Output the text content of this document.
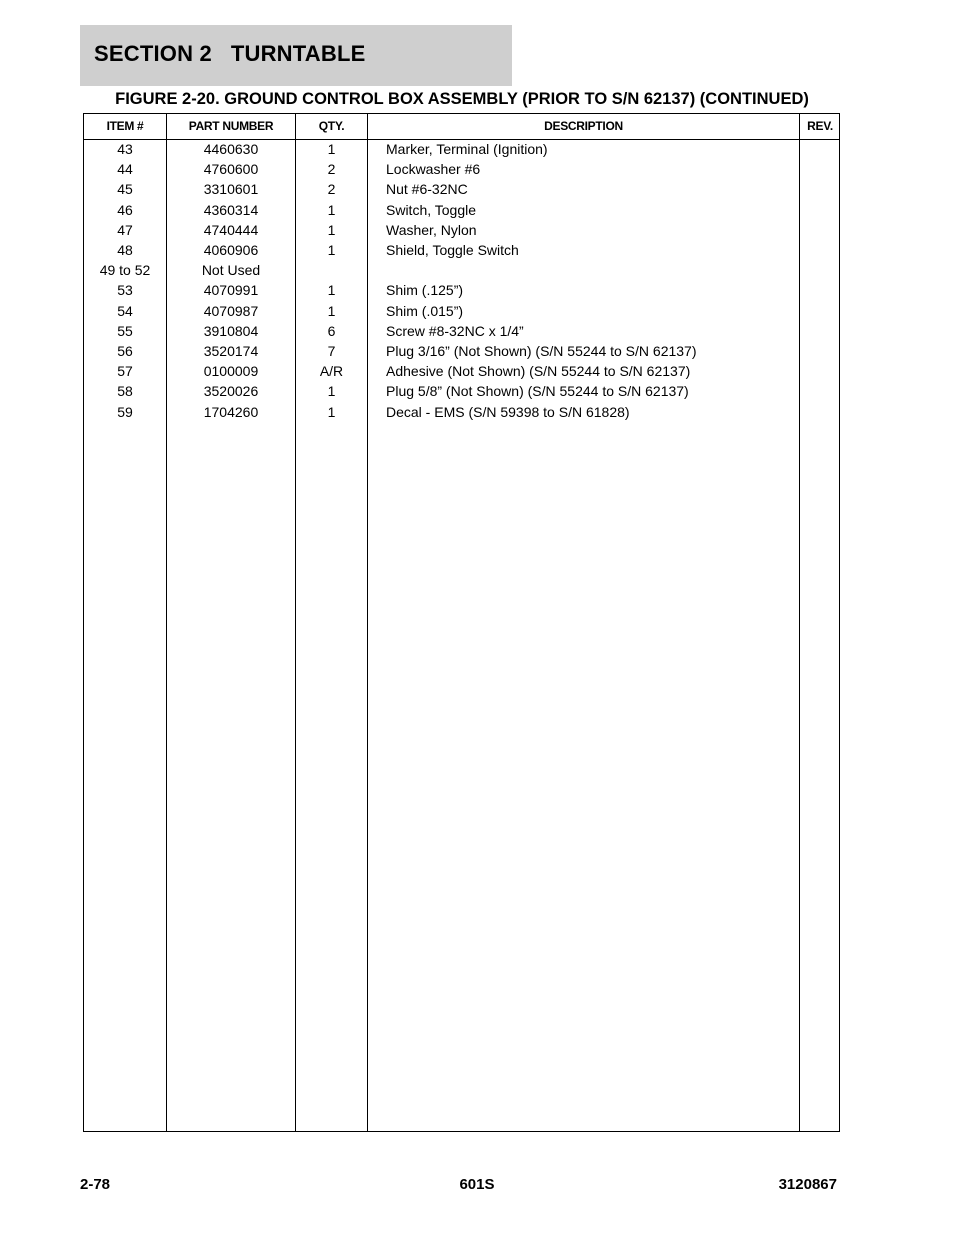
SECTION 2   TURNTABLE
FIGURE 2-20. GROUND CONTROL BOX ASSEMBLY (PRIOR TO S/N 62137) (CONTINUED)
ITEM #	PART NUMBER	QTY.	DESCRIPTION	REV.
43	4460630	1	Marker, Terminal (Ignition)
44	4760600	2	Lockwasher #6
45	3310601	2	Nut #6-32NC
46	4360314	1	Switch, Toggle
47	4740444	1	Washer, Nylon
48	4060906	1	Shield, Toggle Switch
49 to 52	Not Used
53	4070991	1	Shim (.125”)
54	4070987	1	Shim (.015”)
55	3910804	6	Screw #8-32NC x 1/4”
56	3520174	7	Plug 3/16” (Not Shown) (S/N 55244 to S/N 62137)
57	0100009	A/R	Adhesive (Not Shown) (S/N 55244 to S/N 62137)
58	3520026	1	Plug 5/8” (Not Shown) (S/N 55244 to S/N 62137)
59	1704260	1	Decal - EMS (S/N 59398 to S/N 61828)
2-78	601S	3120867
